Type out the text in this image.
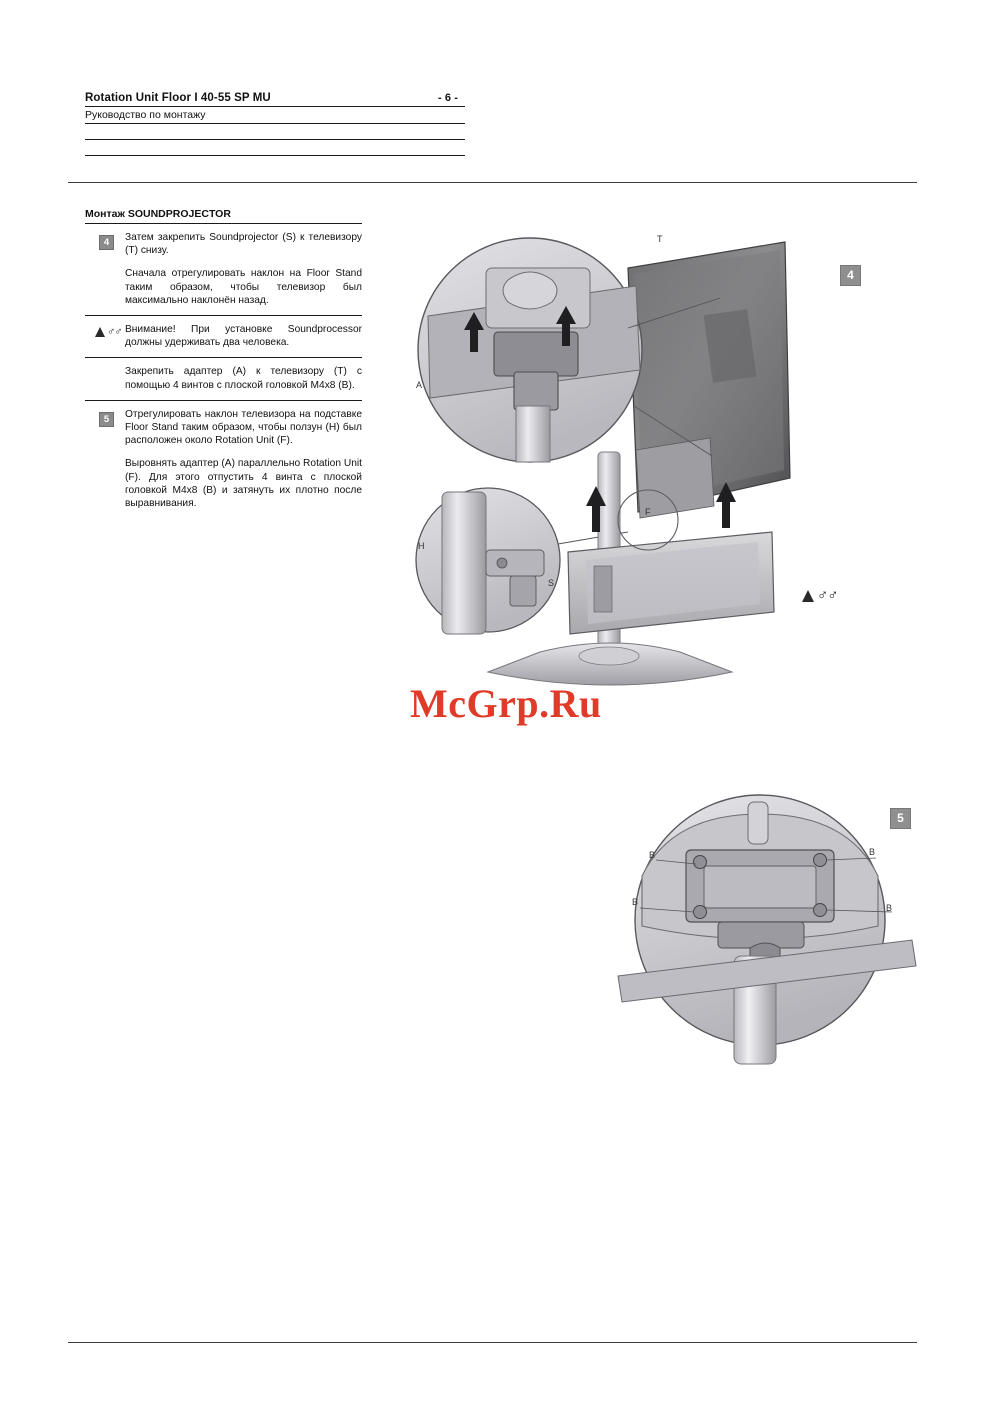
Rotation Unit Floor I 40-55 SP MU	- 6 -
Руководство по монтажу
Монтаж SOUNDPROJECTOR
4	Затем закрепить Soundprojector (S) к телевизору (T) снизу.

Сначала отрегулировать наклон на Floor Stand таким образом, чтобы телевизор был максимально наклонён назад.

♂♂ Внимание! При установке Soundprocessor должны удерживать два человека.

Закрепить адаптер (A) к телевизору (T) с помощью 4 винтов с плоской головкой M4x8 (B).

5	Отрегулировать наклон телевизора на подставке Floor Stand таким образом, чтобы ползун (H) был расположен около Rotation Unit (F).

Выровнять адаптер (A) параллельно Rotation Unit (F). Для этого отпустить 4 винта с плоской головкой M4x8 (B) и затянуть их плотно после выравнивания.

4
♂♂
T
A
S
H
F
McGrp.Ru
5
B	B
B
B
